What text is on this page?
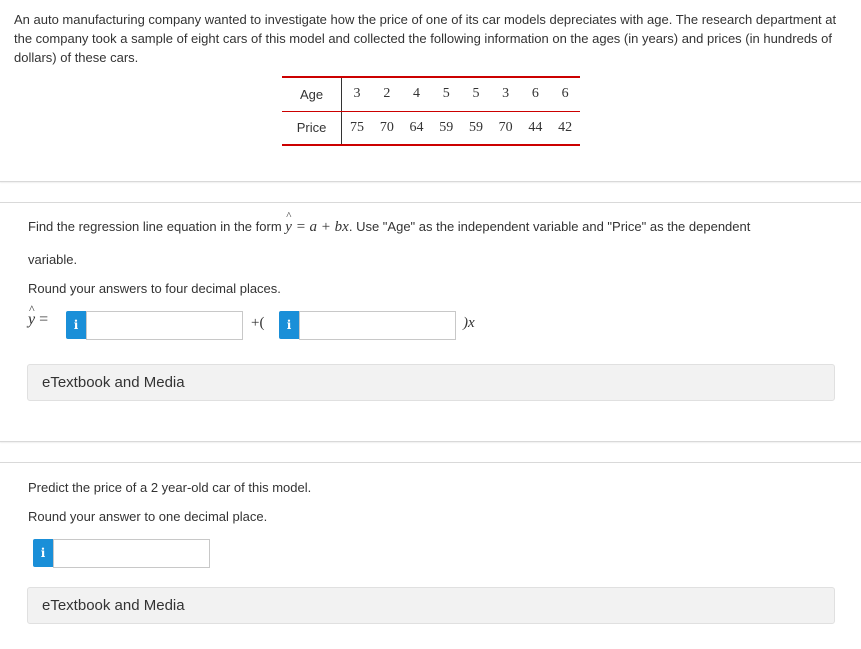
An auto manufacturing company wanted to investigate how the price of one of its car models depreciates with age. The research department at the company took a sample of eight cars of this model and collected the following information on the ages (in years) and prices (in hundreds of dollars) of these cars.
Age	3	2	4	5	5	3	6	6
Price	75	70	64	59	59	70	44	42
Find the regression line equation in the form y
^
= a + bx. Use "Age" as the independent variable and "Price" as the dependent
variable.
Round your answers to four decimal places.
^ y =	i	+(	i	)x
eTextbook and Media
Predict the price of a 2 year-old car of this model.
Round your answer to one decimal place.
i
eTextbook and Media
